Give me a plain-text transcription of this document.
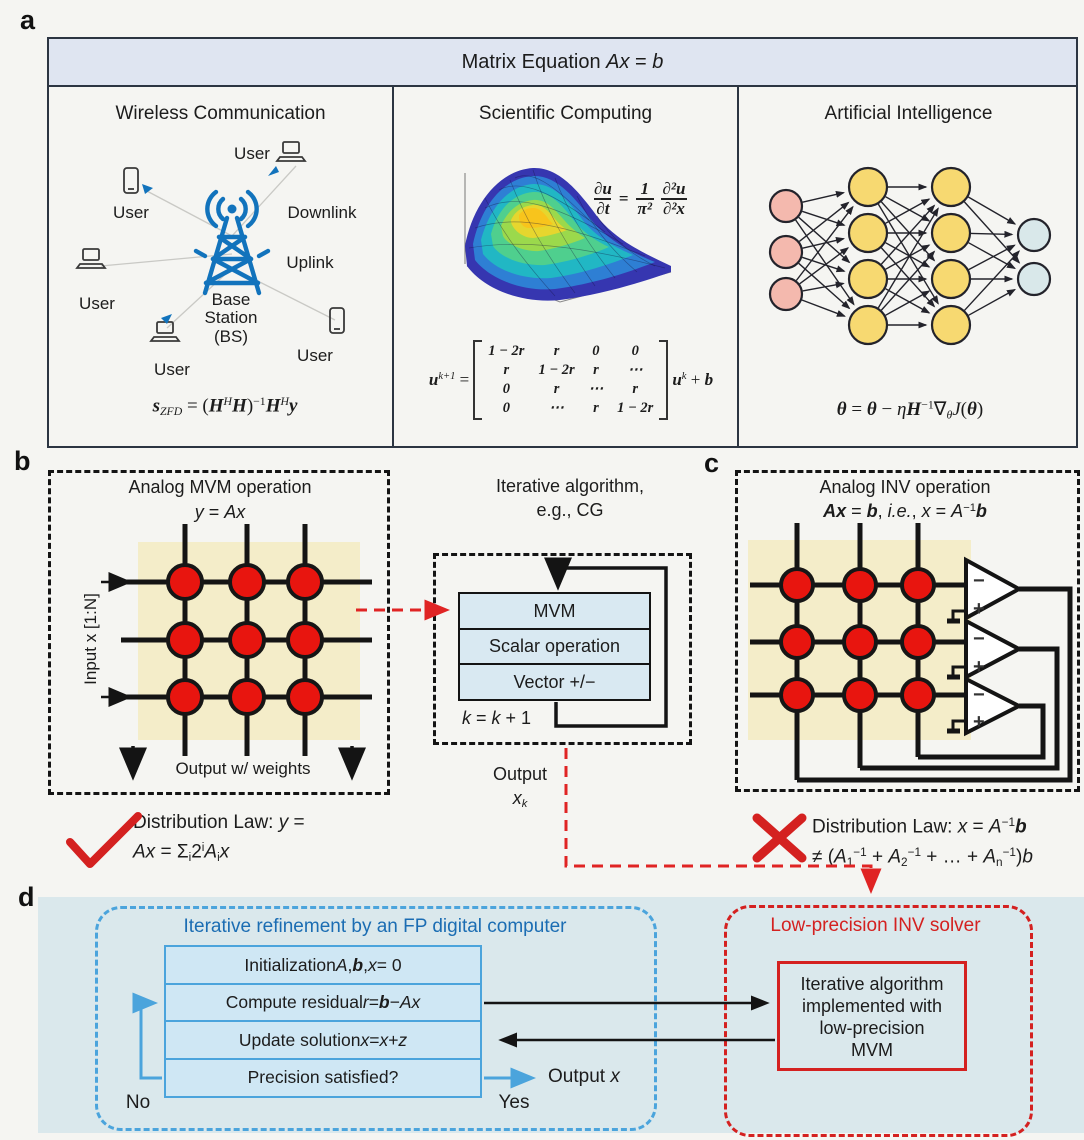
a
Matrix Equation Ax = b
Wireless Communication	Scientific Computing	Artificial Intelligence
User
User
User
User
User
Downlink
Uplink
Base
Station
(BS)
sZFD = $(H^HH)^{-1}H^Hy$
$\frac{\partial u}{\partial t} = \frac{1}{\text{π²}} \frac{\text{∂²u}}{\text{∂²x}}$
$u^{k+1}$ =
1 − 2r	r	0	0
r	1 − 2r	r	⋯
0	r	⋯	r
0	⋯	r	1 − 2r
$u^k + b$
$\theta = \theta - \eta H^{-1}\nabla\theta J(\theta)$
b
Analog MVM operation
y = Ax
Input x [1:N]
Output w/ weights
Iterative algorithm,
e.g., CG
MVM
Scalar operation
Vector +/−
k = k + 1
Output
xk
Distribution Law: y =
$Ax = \Sigma i2^iAix$
c
Analog INV operation
Ax = b, i.e., $x = A^{-1}b$
−
+
−
+
−
+
Distribution Law: $x = A^{-1}b$
≠ ($A1^{-1} + A2^{-1}$ + … + $An^{-1})b$
d
Iterative refinement by an FP digital computer
Initialization A , b , x = 0
Compute residual r = b − Ax
Update solution x = x + z
Precision satisfied?
No	Yes
Output x
Low-precision INV solver
Iterative algorithm
implemented with
low-precision
MVM
